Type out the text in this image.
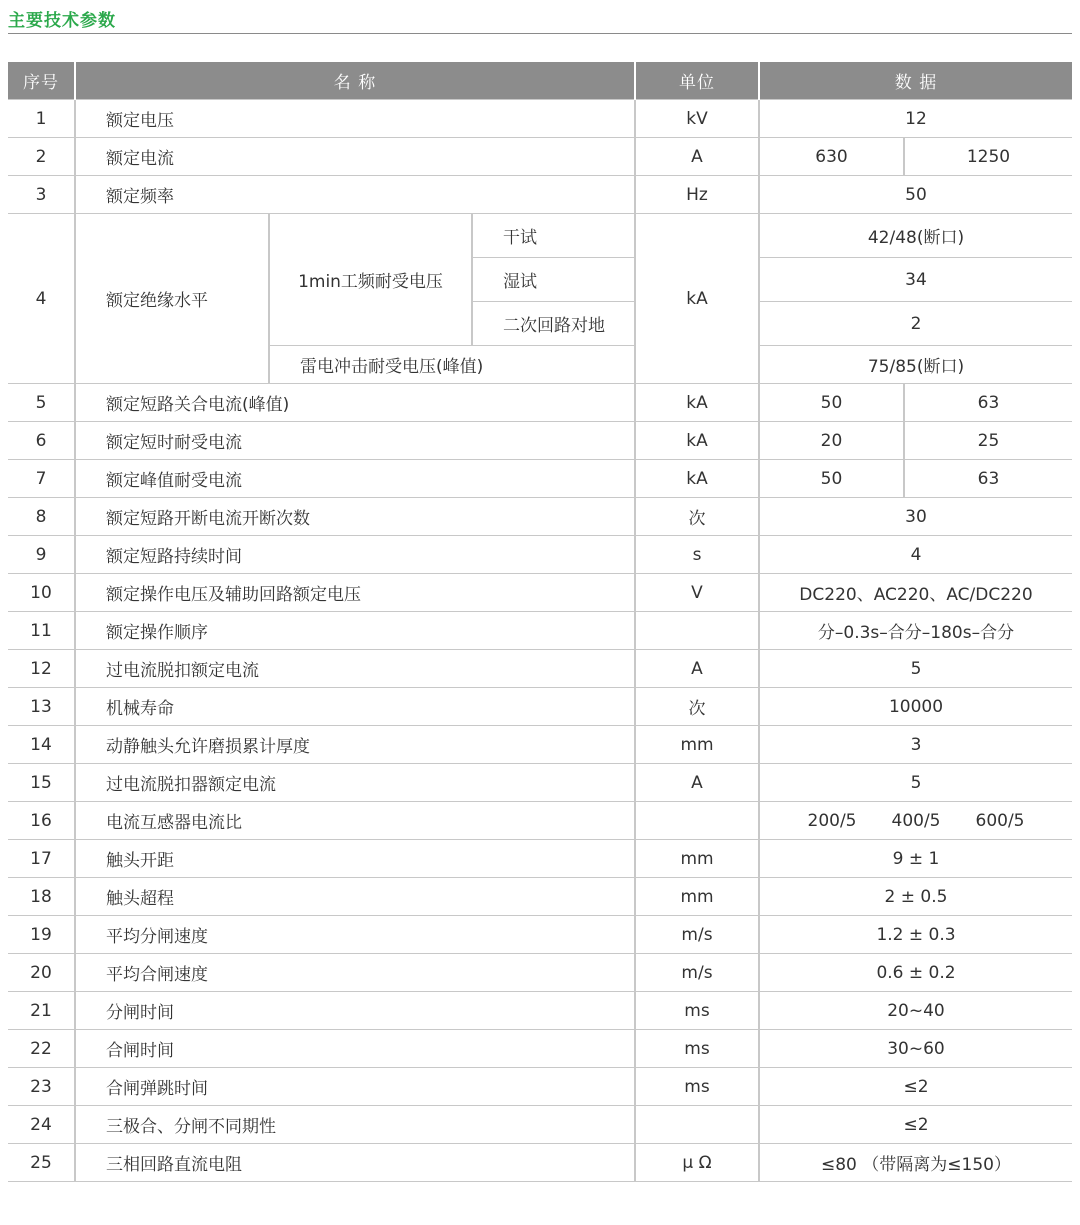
主要技术参数
序号	名 称			单位	数 据	
1	额定电压			kV	12	
2	额定电流			A	630	1250
3	额定频率			Hz	50	
4	额定绝缘水平	1min工频耐受电压	干试	kA	42/48(断口)	
			湿试		34	
			二次回路对地		2	
		雷电冲击耐受电压(峰值)			75/85(断口)	
5	额定短路关合电流(峰值)			kA	50	63
6	额定短时耐受电流			kA	20	25
7	额定峰值耐受电流			kA	50	63
8	额定短路开断电流开断次数			次	30	
9	额定短路持续时间			s	4	
10	额定操作电压及辅助回路额定电压			V	DC220、AC220、AC/DC220	
11	额定操作顺序				分–0.3s–合分–180s–合分	
12	过电流脱扣额定电流			A	5	
13	机械寿命			次	10000	
14	动静触头允许磨损累计厚度			mm	3	
15	过电流脱扣器额定电流			A	5	
16	电流互感器电流比				200/5 400/5 600/5	

17	触头开距			mm	9 ± 1	
18	触头超程			mm	2 ± 0.5	
19	平均分闸速度			m/s	1.2 ± 0.3	
20	平均合闸速度			m/s	0.6 ± 0.2	
21	分闸时间			ms	20~40	
22	合闸时间			ms	30~60	
23	合闸弹跳时间			ms	≤2	
24	三极合、分闸不同期性				≤2	
25	三相回路直流电阻			μ Ω	≤80 （带隔离为≤150）	
